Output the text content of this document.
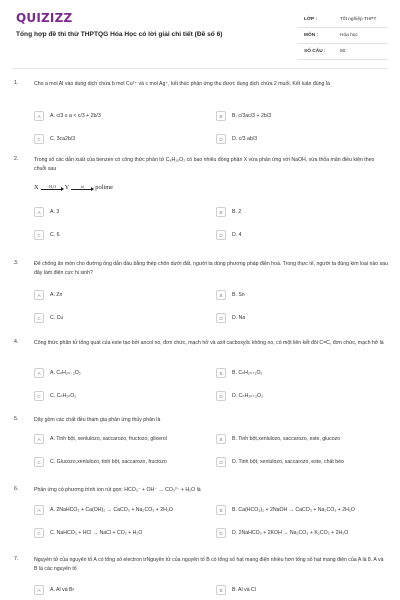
QUIZIZZ
Tổng hợp đề thi thử THPTQG Hóa Học có lời giải chi tiết (Đề số 6)
LỚP :	Tốt nghiệp THPT
MÔN :	Hóa học
SỐ CÂU :	50
1.	Cho a mol Al vào dung dịch chứa b mol Cu²⁺ và c mol Ag⁺, kết thúc phản ứng thu được dung dịch chứa 2 muối. Kết luận đúng là
A	A. c/3 ≤ a < c/3 + 2b/3	B	B. c/3ac/3 + 2b/3
C	C. 3ca2b/3	D	D. c/3 ab/3
2.	Trong số các dẫn xuất của benzen có công thức phân tử C₈H₁₀O₂ có bao nhiêu đồng phân X vừa phản ứng với NaOH, vừa thỏa mãn điều kiện theo chuỗi sau
X −H₂O Y	xt polime
A	A. 3	B	B. 2
C	C. 6	D	D. 4
3.	Để chống ăn mòn cho đường ống dẫn dầu bằng thép chôn dưới đất, người ta dùng phương pháp điện hoá. Trong thực tế, người ta dùng kim loại nào sau đây làm điện cực hi sinh?
A	A. Zn	B	B. Sn
C	C. Cu	D	D. Na
4.	Công thức phân tử tổng quát của este tạo bởi ancol no, đơn chức, mạch hở và axit cacboxylic không no, có một liên kết đôi C=C, đơn chức, mạch hở là
A	A. CₙH₂ₙ₋₂O₂	B	B. CₙH₂ₙ₊₁O₂
C	C. CₙH₂ₙO₂	D	D. CₙH₂ₙ₊₂O₂
5.	Dãy gồm các chất đều tham gia phản ứng thủy phân là
A	A. Tinh bột, xenlulozo, saccarozo, fructozo, glixerol	B	B. Tinh bột,xenlulozo, saccarozo, este, glucozo
C	C. Glucozo,xenlulozo, tinh bột, saccarozo, fructozo	D	D. Tinh bột, xenlulozo, saccarozo, este, chất béo
6.	Phản ứng có phương trình ion rút gọn: HCO₃⁻ + OH⁻ → CO₃²⁻ + H₂O là
A	A. 2NaHCO₃ + Ca(OH)₂ → CaCO₃ + Na₂CO₃ + 2H₂O	B	B. Ca(HCO₃)₂ + 2NaOH → CaCO₃ + Na₂CO₃ + 2H₂O
C	C. NaHCO₃ + HCl → NaCl + CO₂ + H₂O	D	D. 2NaHCO₃ + 2KOH → Na₂CO₃ + K₂CO₃ + 2H₂O
7.	Nguyên tử của nguyên tố A có tổng số electron trNguyên tử của nguyên tố B có tổng số hạt mang điện nhiều hơn tổng số hạt mang điện của A là 8. A và B là các nguyên tố
A	A. Al và Br	B	B. Al và Cl
